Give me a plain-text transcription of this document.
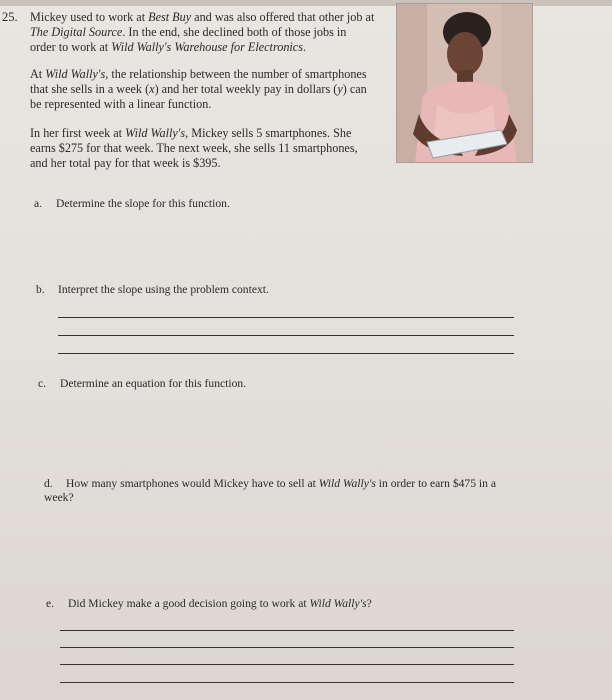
25. Mickey used to work at Best Buy and was also offered that other job at The Digital Source. In the end, she declined both of those jobs in order to work at Wild Wally's Warehouse for Electronics.

At Wild Wally's, the relationship between the number of smartphones that she sells in a week (x) and her total weekly pay in dollars (y) can be represented with a linear function.

In her first week at Wild Wally's, Mickey sells 5 smartphones. She earns $275 for that week. The next week, she sells 11 smartphones, and her total pay for that week is $395.

a. Determine the slope for this function.

b. Interpret the slope using the problem context.

c. Determine an equation for this function.

d. How many smartphones would Mickey have to sell at Wild Wally's in order to earn $475 in a week?

e. Did Mickey make a good decision going to work at Wild Wally's?
